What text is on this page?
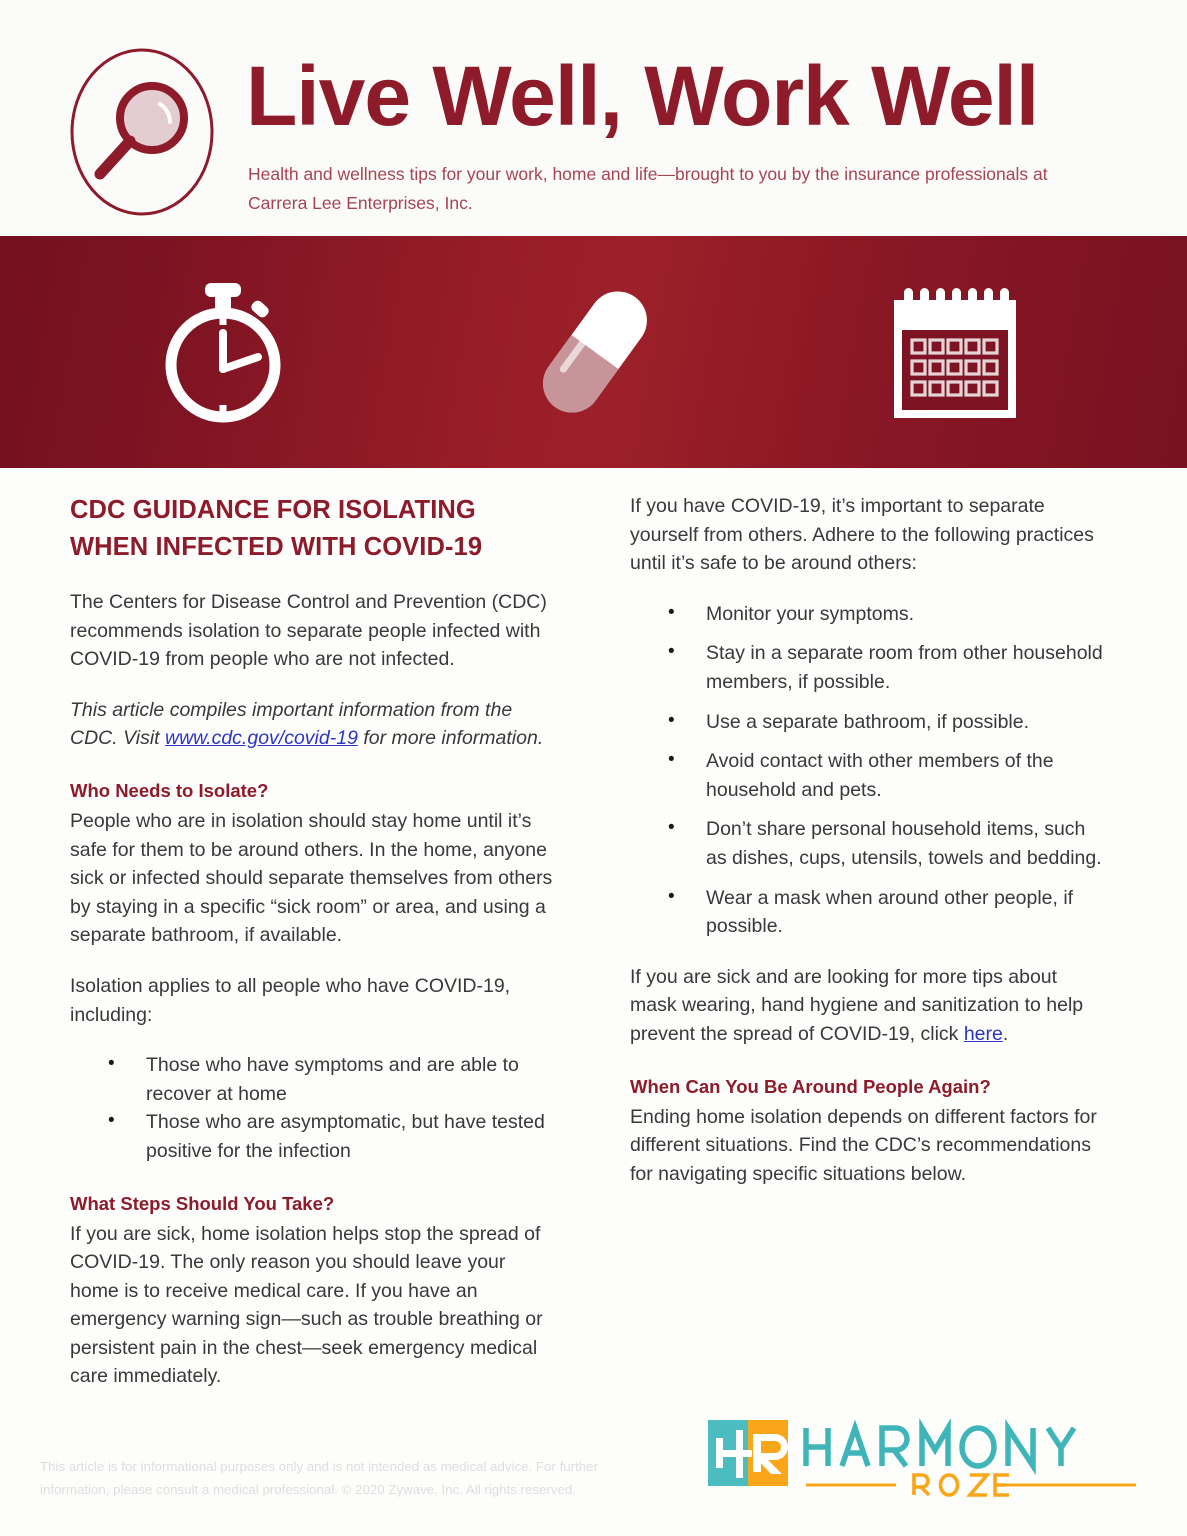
Live Well, Work Well
Health and wellness tips for your work, home and life—brought to you by the insurance professionals at Carrera Lee Enterprises, Inc.
CDC GUIDANCE FOR ISOLATING
WHEN INFECTED WITH COVID-19

The Centers for Disease Control and Prevention (CDC) recommends isolation to separate people infected with COVID-19 from people who are not infected.

This article compiles important information from the CDC. Visit www.cdc.gov/covid-19 for more information.

Who Needs to Isolate?

People who are in isolation should stay home until it’s safe for them to be around others. In the home, anyone sick or infected should separate themselves from others by staying in a specific “sick room” or area, and using a separate bathroom, if available.

Isolation applies to all people who have COVID-19, including:

• Those who have symptoms and are able to recover at home
• Those who are asymptomatic, but have tested positive for the infection
What Steps Should You Take?

If you are sick, home isolation helps stop the spread of COVID-19. The only reason you should leave your home is to receive medical care. If you have an emergency warning sign—such as trouble breathing or persistent pain in the chest—seek emergency medical care immediately.

If you have COVID-19, it’s important to separate yourself from others. Adhere to the following practices until it’s safe to be around others:

• Monitor your symptoms.
• Stay in a separate room from other household members, if possible.
• Use a separate bathroom, if possible.
• Avoid contact with other members of the household and pets.
• Don’t share personal household items, such as dishes, cups, utensils, towels and bedding.
• Wear a mask when around other people, if possible.

If you are sick and are looking for more tips about mask wearing, hand hygiene and sanitization to help prevent the spread of COVID-19, click here.

When Can You Be Around People Again?

Ending home isolation depends on different factors for different situations. Find the CDC’s recommendations for navigating specific situations below.

This article is for informational purposes only and is not intended as medical advice. For further information, please consult a medical professional. © 2020 Zywave, Inc. All rights reserved.
